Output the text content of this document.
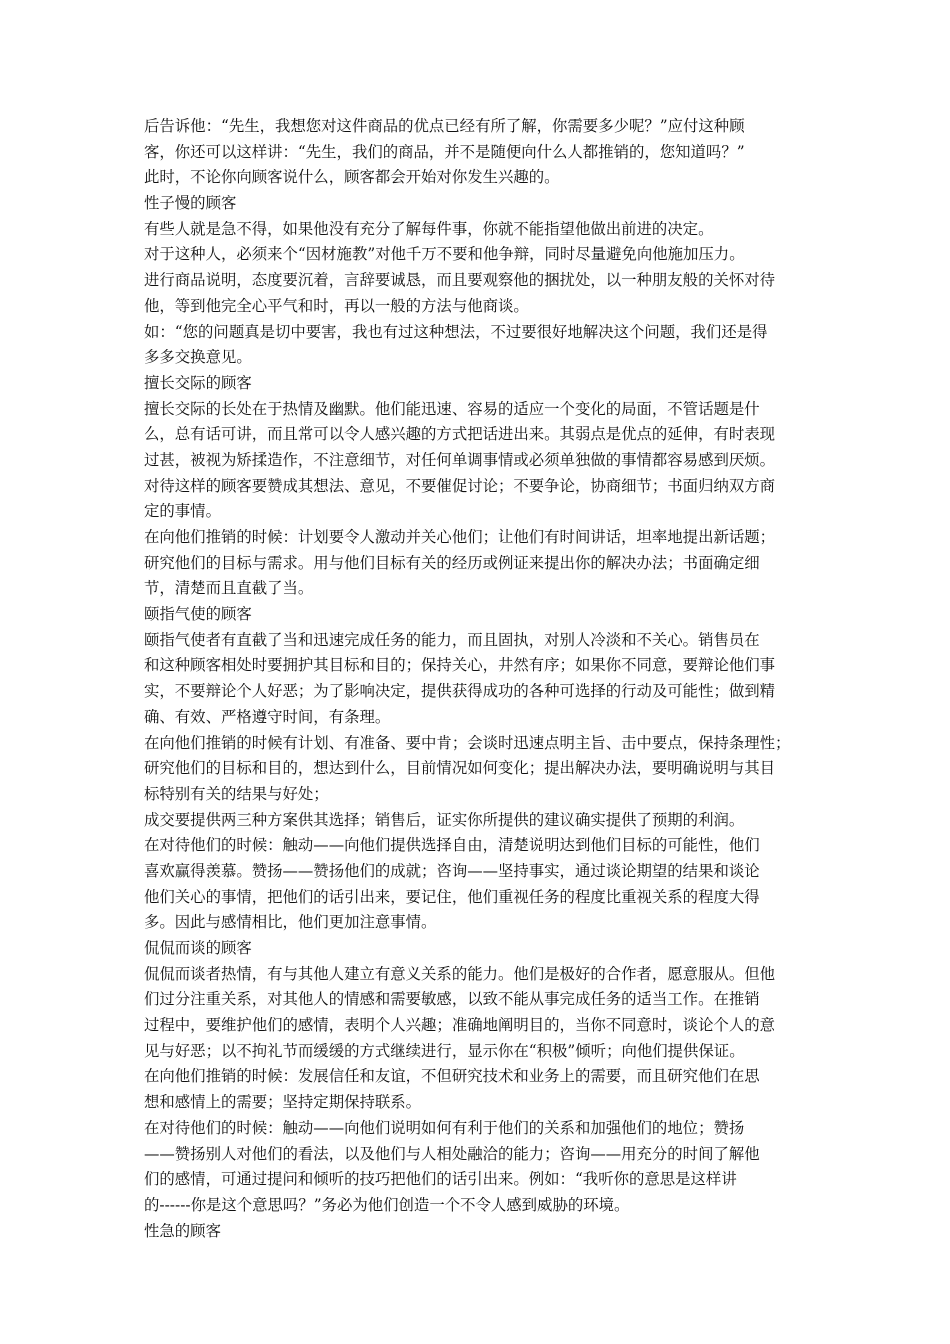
后告诉他：“先生，我想您对这件商品的优点已经有所了解，你需要多少呢？”应付这种顾
客，你还可以这样讲：“先生，我们的商品，并不是随便向什么人都推销的，您知道吗？”
此时，不论你向顾客说什么，顾客都会开始对你发生兴趣的。
性子慢的顾客
有些人就是急不得，如果他没有充分了解每件事，你就不能指望他做出前进的决定。
对于这种人，必须来个“因材施教”对他千万不要和他争辩，同时尽量避免向他施加压力。
进行商品说明，态度要沉着，言辞要诚恳，而且要观察他的捆扰处，以一种朋友般的关怀对待
他，等到他完全心平气和时，再以一般的方法与他商谈。
如：“您的问题真是切中要害，我也有过这种想法，不过要很好地解决这个问题，我们还是得
多多交换意见。
擅长交际的顾客
擅长交际的长处在于热情及幽默。他们能迅速、容易的适应一个变化的局面，不管话题是什
么，总有话可讲，而且常可以令人感兴趣的方式把话进出来。其弱点是优点的延伸，有时表现
过甚，被视为矫揉造作，不注意细节，对任何单调事情或必须单独做的事情都容易感到厌烦。
对待这样的顾客要赞成其想法、意见，不要催促讨论；不要争论，协商细节；书面归纳双方商
定的事情。
在向他们推销的时候：计划要令人激动并关心他们；让他们有时间讲话，坦率地提出新话题；
研究他们的目标与需求。用与他们目标有关的经历或例证来提出你的解决办法；书面确定细
节，清楚而且直截了当。
颐指气使的顾客
颐指气使者有直截了当和迅速完成任务的能力，而且固执，对别人冷淡和不关心。销售员在
和这种顾客相处时要拥护其目标和目的；保持关心，井然有序；如果你不同意，要辩论他们事
实，不要辩论个人好恶；为了影响决定，提供获得成功的各种可选择的行动及可能性；做到精
确、有效、严格遵守时间，有条理。
在向他们推销的时候有计划、有准备、要中肯；会谈时迅速点明主旨、击中要点，保持条理性；
研究他们的目标和目的，想达到什么，目前情况如何变化；提出解决办法，要明确说明与其目
标特别有关的结果与好处；
成交要提供两三种方案供其选择；销售后，证实你所提供的建议确实提供了预期的利润。
在对待他们的时候：触动——向他们提供选择自由，清楚说明达到他们目标的可能性，他们
喜欢赢得羡慕。赞扬——赞扬他们的成就；咨询——坚持事实，通过谈论期望的结果和谈论
他们关心的事情，把他们的话引出来，要记住，他们重视任务的程度比重视关系的程度大得
多。因此与感情相比，他们更加注意事情。
侃侃而谈的顾客
侃侃而谈者热情，有与其他人建立有意义关系的能力。他们是极好的合作者，愿意服从。但他
们过分注重关系，对其他人的情感和需要敏感，以致不能从事完成任务的适当工作。在推销
过程中，要维护他们的感情，表明个人兴趣；准确地阐明目的，当你不同意时，谈论个人的意
见与好恶；以不拘礼节而缓缓的方式继续进行，显示你在“积极”倾听；向他们提供保证。
在向他们推销的时候：发展信任和友谊，不但研究技术和业务上的需要，而且研究他们在思
想和感情上的需要；坚持定期保持联系。
在对待他们的时候：触动——向他们说明如何有利于他们的关系和加强他们的地位；赞扬
——赞扬别人对他们的看法，以及他们与人相处融洽的能力；咨询——用充分的时间了解他
们的感情，可通过提问和倾听的技巧把他们的话引出来。例如：“我听你的意思是这样讲
的------你是这个意思吗？”务必为他们创造一个不令人感到威胁的环境。
性急的顾客
